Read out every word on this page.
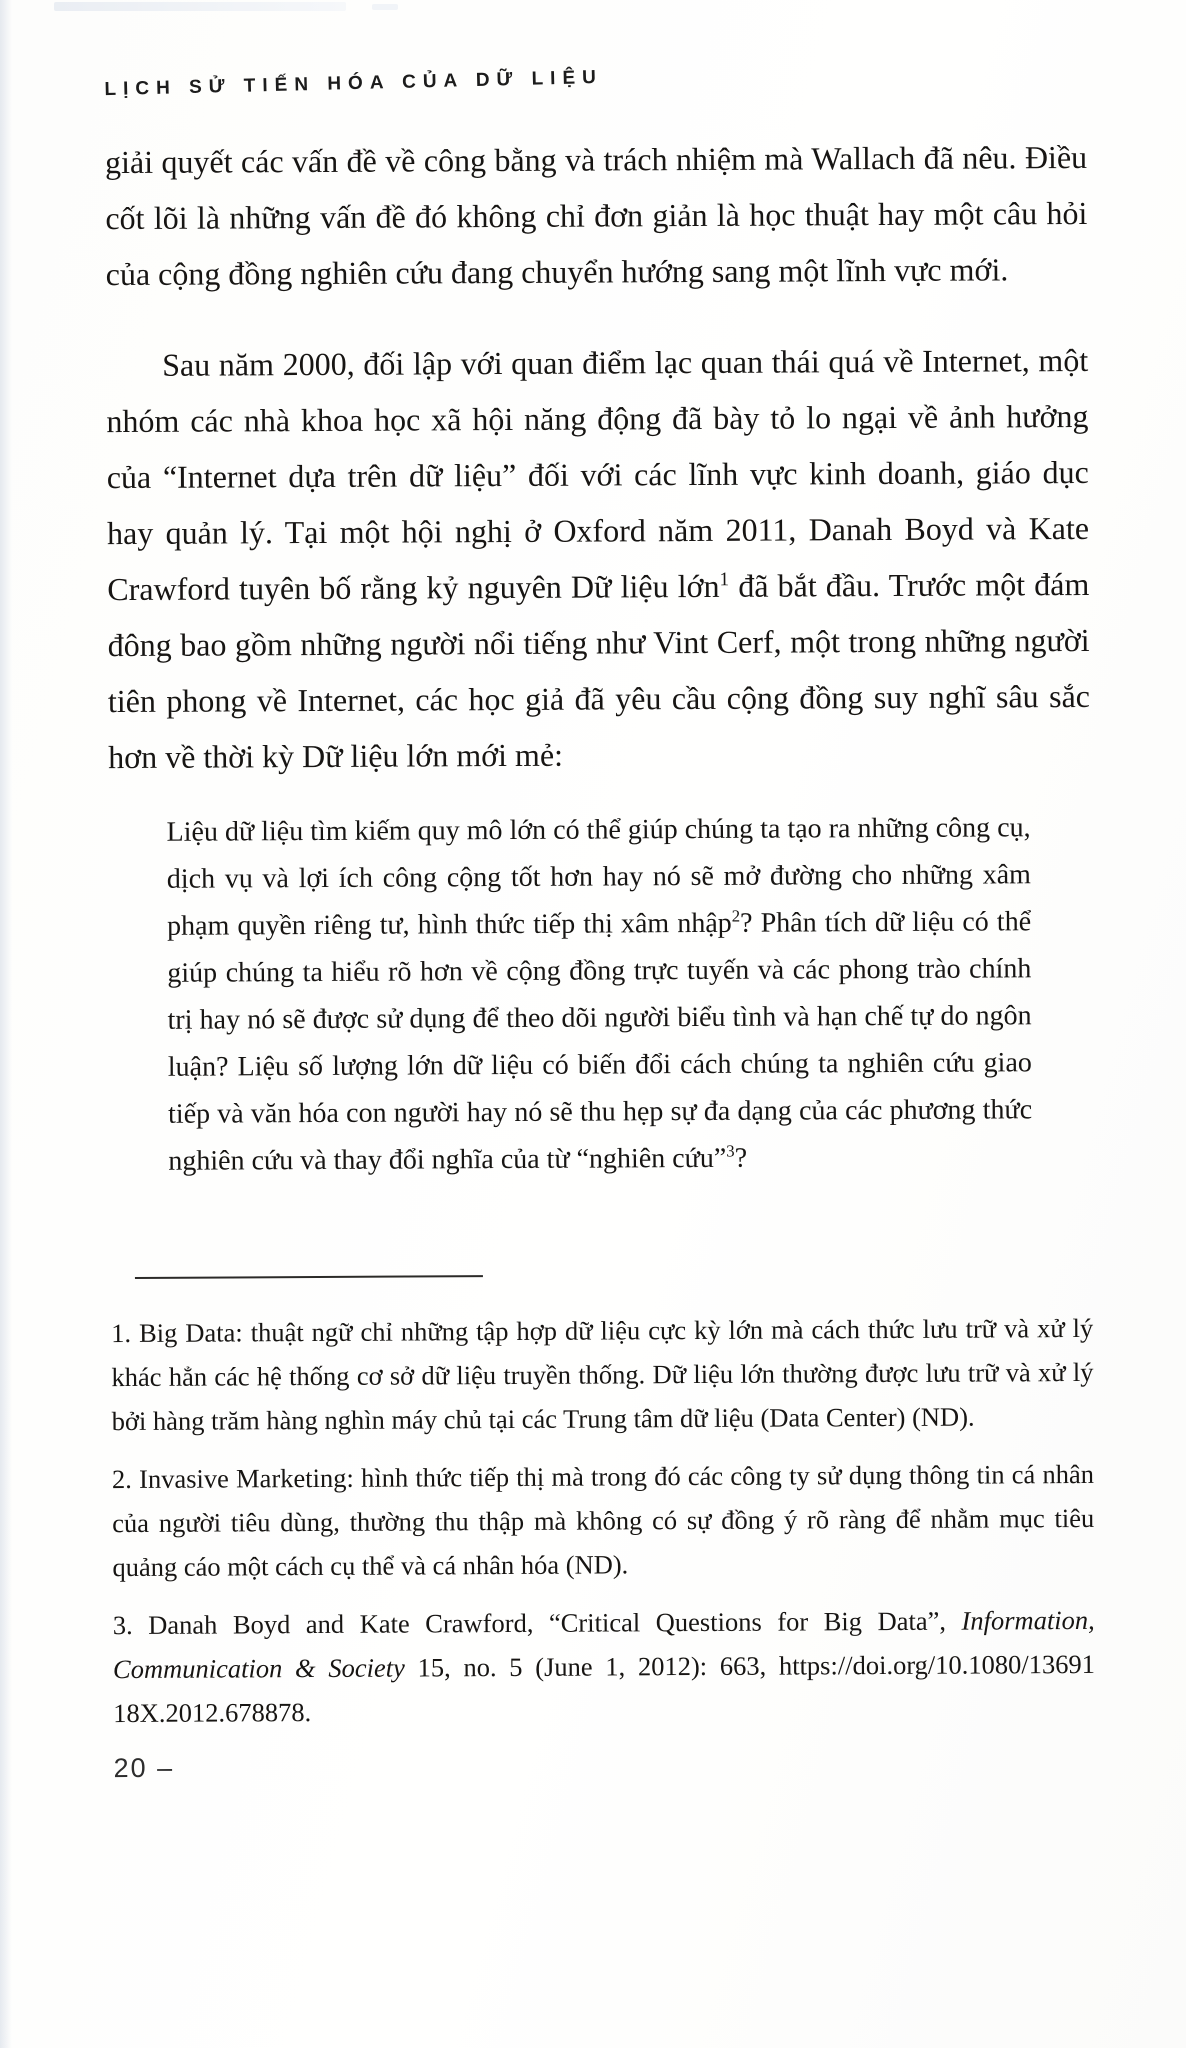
LỊCH SỬ TIẾN HÓA CỦA DỮ LIỆU

giải quyết các vấn đề về công bằng và trách nhiệm mà Wallach đã nêu. Điều cốt lõi là những vấn đề đó không chỉ đơn giản là học thuật hay một câu hỏi của cộng đồng nghiên cứu đang chuyển hướng sang một lĩnh vực mới.

Sau năm 2000, đối lập với quan điểm lạc quan thái quá về Internet, một nhóm các nhà khoa học xã hội năng động đã bày tỏ lo ngại về ảnh hưởng của “Internet dựa trên dữ liệu” đối với các lĩnh vực kinh doanh, giáo dục hay quản lý. Tại một hội nghị ở Oxford năm 2011, Danah Boyd và Kate Crawford tuyên bố rằng kỷ nguyên Dữ liệu lớn$^1$ đã bắt đầu. Trước một đám đông bao gồm những người nổi tiếng như Vint Cerf, một trong những người tiên phong về Internet, các học giả đã yêu cầu cộng đồng suy nghĩ sâu sắc hơn về thời kỳ Dữ liệu lớn mới mẻ:

Liệu dữ liệu tìm kiếm quy mô lớn có thể giúp chúng ta tạo ra những công cụ, dịch vụ và lợi ích công cộng tốt hơn hay nó sẽ mở đường cho những xâm phạm quyền riêng tư, hình thức tiếp thị xâm nhập$^2$? Phân tích dữ liệu có thể giúp chúng ta hiểu rõ hơn về cộng đồng trực tuyến và các phong trào chính trị hay nó sẽ được sử dụng để theo dõi người biểu tình và hạn chế tự do ngôn luận? Liệu số lượng lớn dữ liệu có biến đổi cách chúng ta nghiên cứu giao tiếp và văn hóa con người hay nó sẽ thu hẹp sự đa dạng của các phương thức nghiên cứu và thay đổi nghĩa của từ “nghiên cứu”$^3$?

1. Big Data: thuật ngữ chỉ những tập hợp dữ liệu cực kỳ lớn mà cách thức lưu trữ và xử lý khác hẳn các hệ thống cơ sở dữ liệu truyền thống. Dữ liệu lớn thường được lưu trữ và xử lý bởi hàng trăm hàng nghìn máy chủ tại các Trung tâm dữ liệu (Data Center) (ND).

2. Invasive Marketing: hình thức tiếp thị mà trong đó các công ty sử dụng thông tin cá nhân của người tiêu dùng, thường thu thập mà không có sự đồng ý rõ ràng để nhằm mục tiêu quảng cáo một cách cụ thể và cá nhân hóa (ND).

3. Danah Boyd and Kate Crawford, “Critical Questions for Big Data”, Information, Communication & Society 15, no. 5 (June 1, 2012): 663, https://doi.org/10.1080/13691 18X.2012.678878.

20 –
